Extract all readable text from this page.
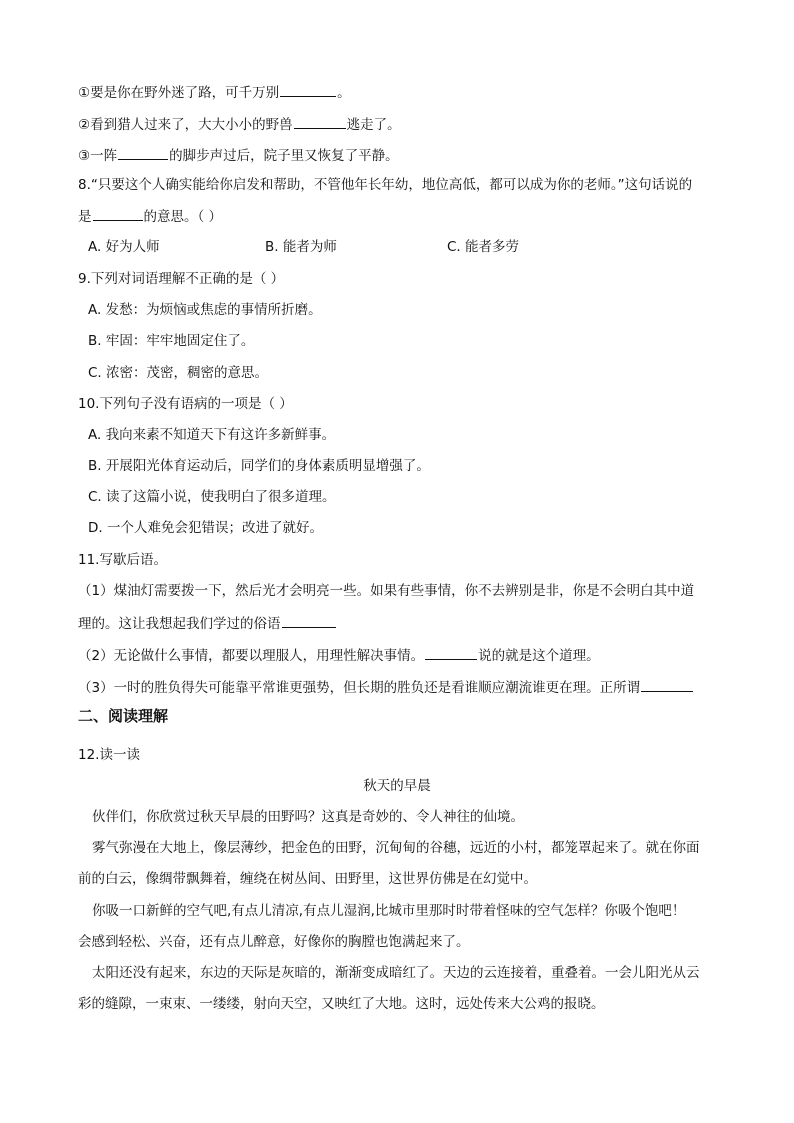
①要是你在野外迷了路，可千万别	。
②看到猎人过来了，大大小小的野兽	逃走了。
③一阵	的脚步声过后，院子里又恢复了平静。
8.“只要这个人确实能给你启发和帮助，不管他年长年幼，地位高低，都可以成为你的老师。”这句话说的
是	的意思。（ ）
A. 好为人师	B. 能者为师	C. 能者多劳
9.下列对词语理解不正确的是（ ）
A. 发愁：为烦恼或焦虑的事情所折磨。
B. 牢固：牢牢地固定住了。
C. 浓密：茂密，稠密的意思。
10.下列句子没有语病的一项是（ ）
A. 我向来素不知道天下有这许多新鲜事。
B. 开展阳光体育运动后，同学们的身体素质明显增强了。
C. 读了这篇小说，使我明白了很多道理。
D. 一个人难免会犯错误；改进了就好。
11.写歇后语。
（1）煤油灯需要拨一下，然后光才会明亮一些。如果有些事情，你不去辨别是非，你是不会明白其中道
理的。这让我想起我们学过的俗语
（2）无论做什么事情，都要以理服人，用理性解决事情。	说的就是这个道理。
（3）一时的胜负得失可能靠平常谁更强势，但长期的胜负还是看谁顺应潮流谁更在理。正所谓
二、阅读理解
12.读一读
秋天的早晨
伙伴们，你欣赏过秋天早晨的田野吗？这真是奇妙的、令人神往的仙境。
雾气弥漫在大地上，像层薄纱，把金色的田野，沉甸甸的谷穗，远近的小村，都笼罩起来了。就在你面
前的白云，像绸带飘舞着，缠绕在树丛间、田野里，这世界仿佛是在幻觉中。
你吸一口新鲜的空气吧,有点儿清凉,有点儿湿润,比城市里那时时带着怪味的空气怎样？你吸个饱吧！
会感到轻松、兴奋，还有点儿醉意，好像你的胸膛也饱满起来了。
太阳还没有起来，东边的天际是灰暗的，渐渐变成暗红了。天边的云连接着，重叠着。一会儿阳光从云
彩的缝隙，一束束、一缕缕，射向天空，又映红了大地。这时，远处传来大公鸡的报晓。
